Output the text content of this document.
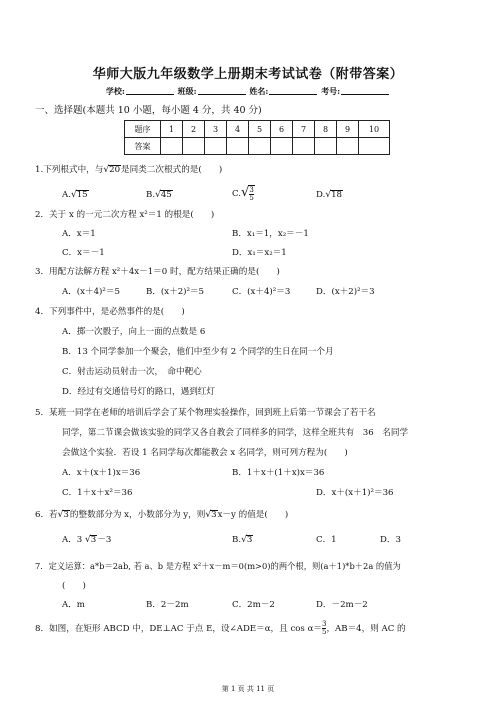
华师大版九年级数学上册期末考试试卷（附带答案）
学校:	班级:	姓名:	考号:
一、选择题(本题共 10 小题，每小题 4 分，共 40 分)
题序	1	2	3	4	5	6	7	8	9	10
答案										
1.下列根式中，与√20是同类二次根式的是(　　)
A.√15	B.√45	$C.√ \frac{3}{5}$	D.√18
2．关于 x 的一元二次方程 x²＝1 的根是(　　)
A．x＝1	B．x₁＝1，x₂＝－1
C．x＝－1	D．x₁＝x₂＝1
3．用配方法解方程 x²＋4x－1＝0 时，配方结果正确的是(　　)
A．(x＋4)²＝5	B．(x＋2)²＝5	C．(x＋4)²＝3	D．(x＋2)²＝3
4．下列事件中，是必然事件的是(　　)
A．掷一次骰子，向上一面的点数是 6
B．13 个同学参加一个聚会，他们中至少有 2 个同学的生日在同一个月
C．射击运动员射击一次，　命中靶心
D．经过有交通信号灯的路口，遇到红灯
5．某班一同学在老师的培训后学会了某个物理实验操作，回到班上后第一节课会了若干名
同学，第二节课会做该实验的同学又各自教会了同样多的同学，这样全班共有　36　名同学
会做这个实验．若设 1 名同学每次都能教会 x 名同学，则可列方程为(　　)
A．x＋(x＋1)x＝36	B．1＋x＋(1＋x)x＝36
C．1＋x＋x²＝36	D．x＋(x＋1)²＝36
6．若√3的整数部分为 x，小数部分为 y，则√3x－y 的值是(　　)
A．3 √3－3	B.√3	C．1	D．3
7．定义运算：a*b＝2ab, 若 a、b 是方程 x²＋x－m＝0(m>0)的两个根，则(a＋1)*b＋2a 的值为
(　　)
A．m	B．2－2m	C．2m－2	D．－2m－2
8．如图，在矩形 ABCD 中，DE⊥AC 于点 E，设∠ADE＝α，且 $\cos \alpha= \frac{3}{5}$ ，AB＝4，则 AC 的
第 1 页 共 11 页
